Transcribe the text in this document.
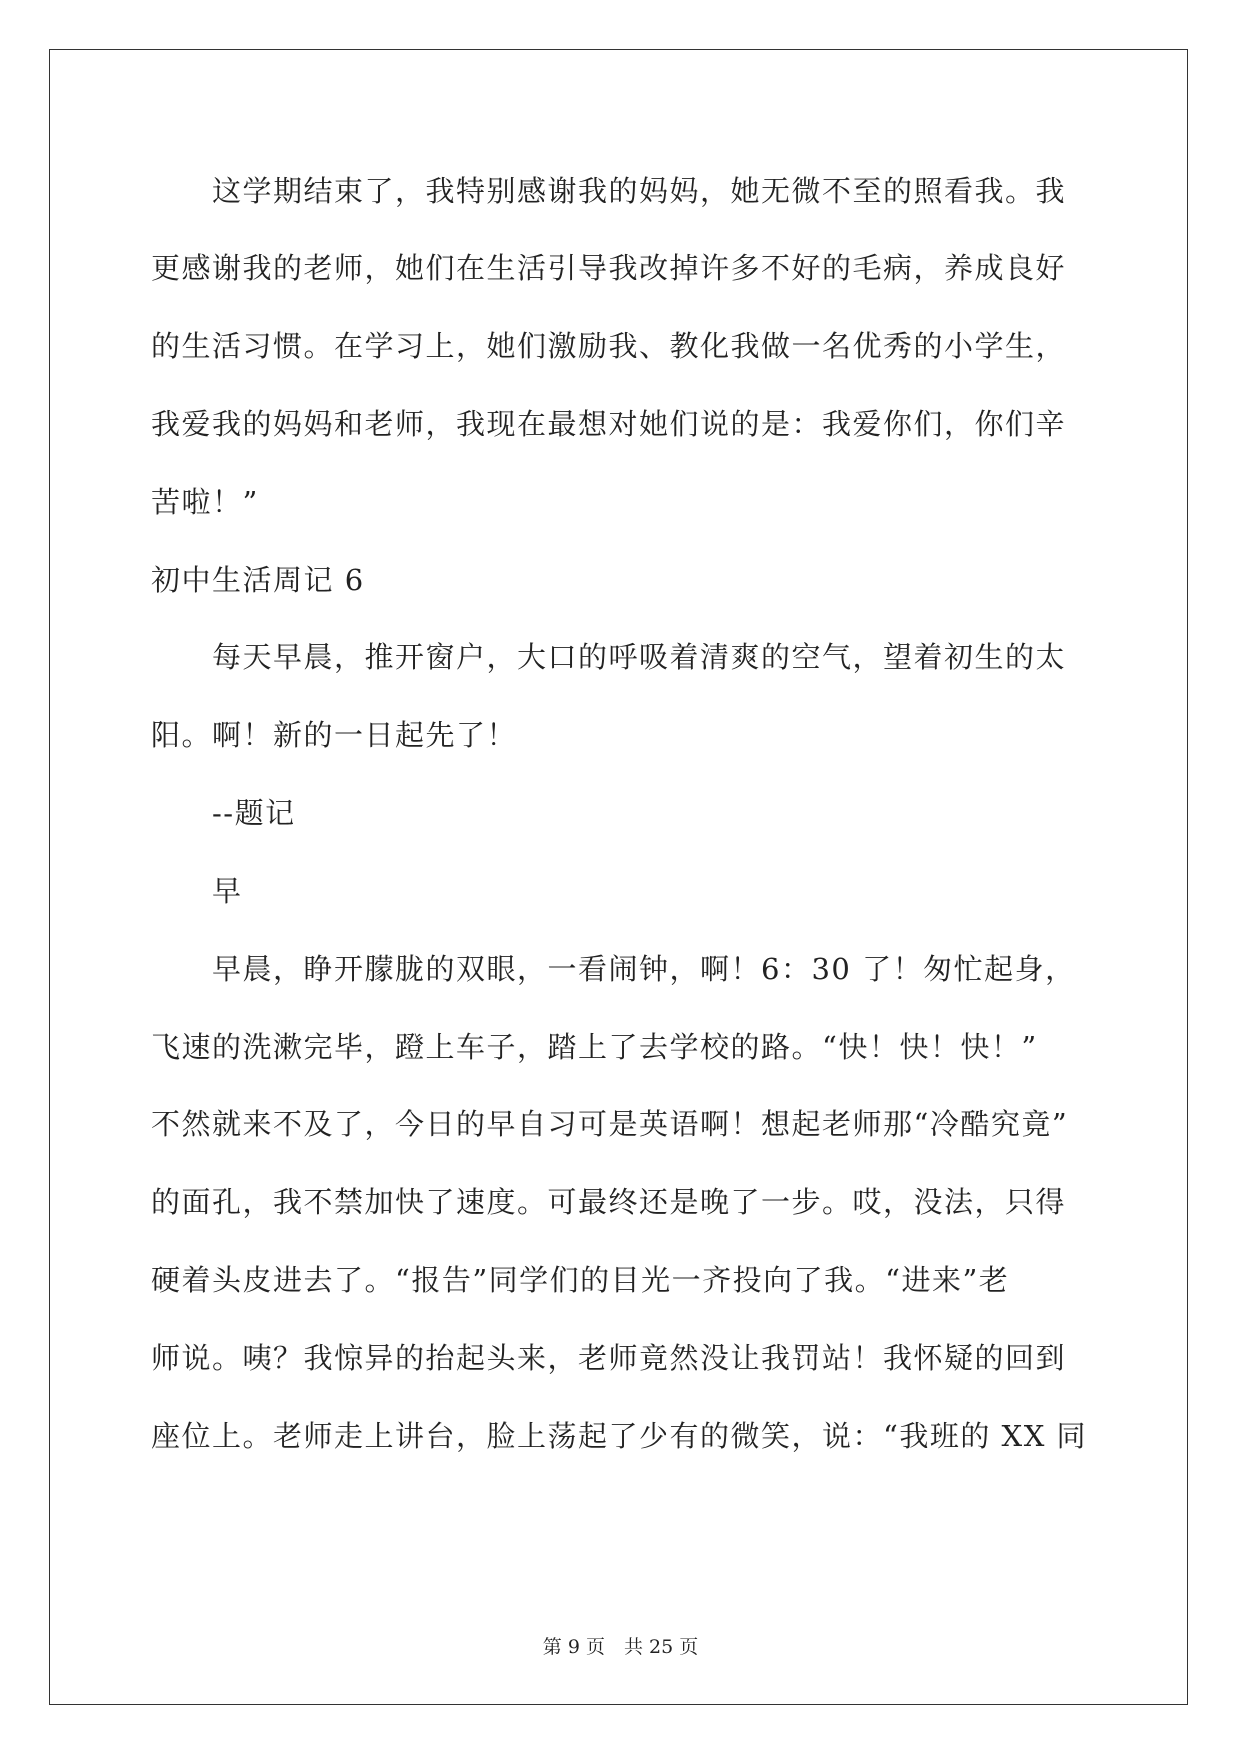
　　这学期结束了，我特别感谢我的妈妈，她无微不至的照看我。我
更感谢我的老师，她们在生活引导我改掉许多不好的毛病，养成良好
的生活习惯。在学习上，她们激励我、教化我做一名优秀的小学生，
我爱我的妈妈和老师，我现在最想对她们说的是：我爱你们，你们辛
苦啦！”
初中生活周记 6
　　每天早晨，推开窗户，大口的呼吸着清爽的空气，望着初生的太
阳。啊！新的一日起先了！
　　--题记
　　早
　　早晨，睁开朦胧的双眼，一看闹钟，啊！6：30 了！匆忙起身，
飞速的洗漱完毕，蹬上车子，踏上了去学校的路。“快！快！快！”
不然就来不及了，今日的早自习可是英语啊！想起老师那“冷酷究竟”
的面孔，我不禁加快了速度。可最终还是晚了一步。哎，没法，只得
硬着头皮进去了。“报告”同学们的目光一齐投向了我。“进来”老
师说。咦？我惊异的抬起头来，老师竟然没让我罚站！我怀疑的回到
座位上。老师走上讲台，脸上荡起了少有的微笑，说：“我班的 XX 同
第 9 页　共 25 页
